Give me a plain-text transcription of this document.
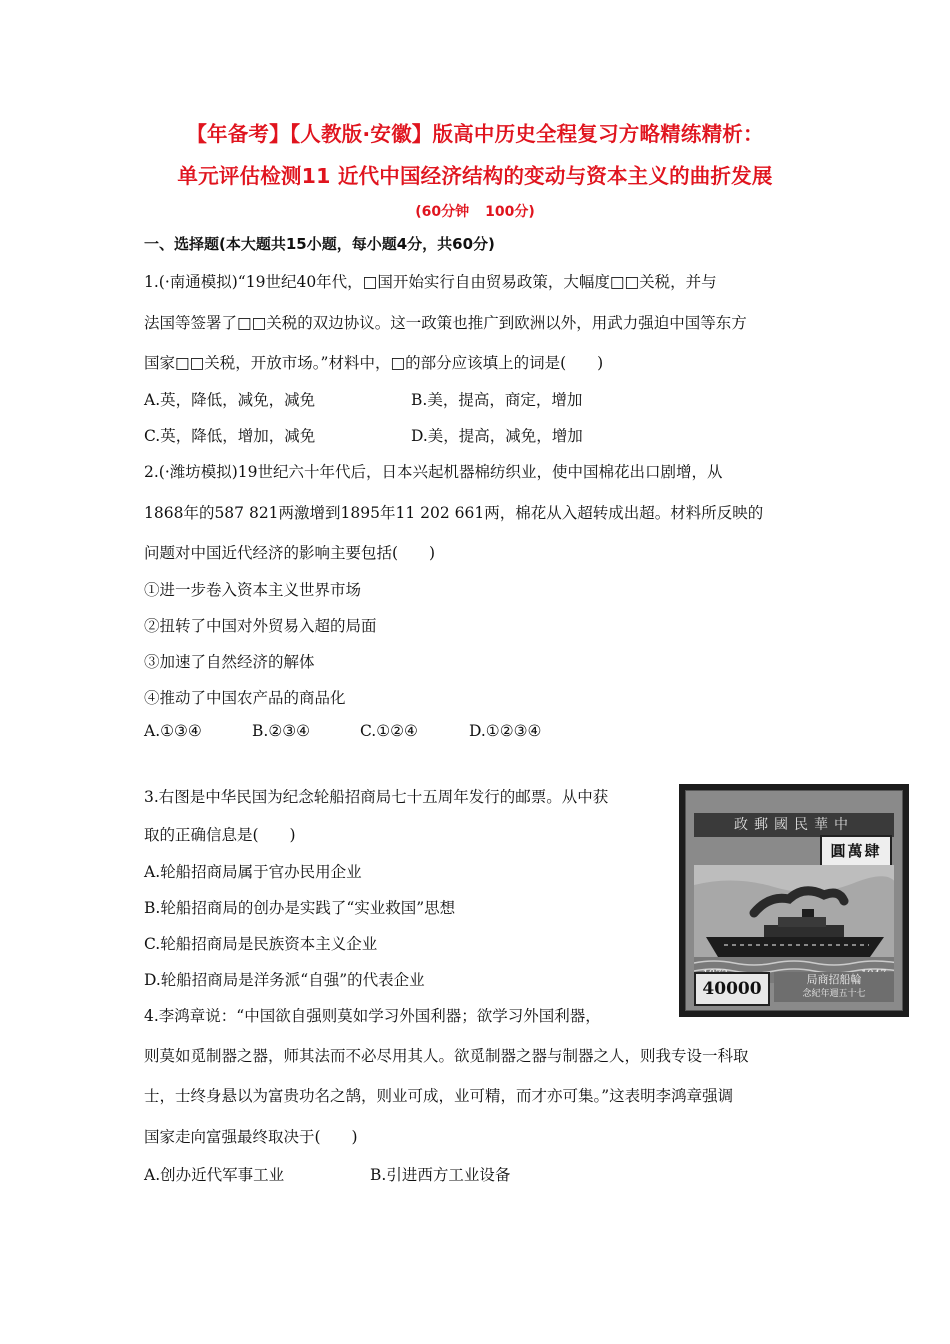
【年备考】【人教版·安徽】版高中历史全程复习方略精练精析：
单元评估检测11 近代中国经济结构的变动与资本主义的曲折发展
(60分钟 100分)
一、选择题(本大题共15小题，每小题4分，共60分)
1.(·南通模拟)“19世纪40年代，□国开始实行自由贸易政策，大幅度□□关税，并与
法国等签署了□□关税的双边协议。这一政策也推广到欧洲以外，用武力强迫中国等东方
国家□□关税，开放市场。”材料中，□的部分应该填上的词是(　　)
A.英，降低，减免，减免	B.美，提高，商定，增加
C.英，降低，增加，减免	D.美，提高，减免，增加
2.(·潍坊模拟)19世纪六十年代后，日本兴起机器棉纺织业，使中国棉花出口剧增，从
1868年的587 821两激增到1895年11 202 661两，棉花从入超转成出超。材料所反映的
问题对中国近代经济的影响主要包括(　　)
①进一步卷入资本主义世界市场
②扭转了中国对外贸易入超的局面
③加速了自然经济的解体
④推动了中国农产品的商品化
A.①③④	B.②③④	C.①②④	D.①②③④
3.右图是中华民国为纪念轮船招商局七十五周年发行的邮票。从中获
取的正确信息是(　　)
A.轮船招商局属于官办民用企业
B.轮船招商局的创办是实践了“实业救国”思想
C.轮船招商局是民族资本主义企业
D.轮船招商局是洋务派“自强”的代表企业
政郵國民華中
圓萬肆
40000	局商招船輪
念紀年週五十七
4.李鸿章说：“中国欲自强则莫如学习外国利器；欲学习外国利器，
则莫如觅制器之器，师其法而不必尽用其人。欲觅制器之器与制器之人，则我专设一科取
士，士终身悬以为富贵功名之鹄，则业可成，业可精，而才亦可集。”这表明李鸿章强调
国家走向富强最终取决于(　　)
A.创办近代军事工业	B.引进西方工业设备
